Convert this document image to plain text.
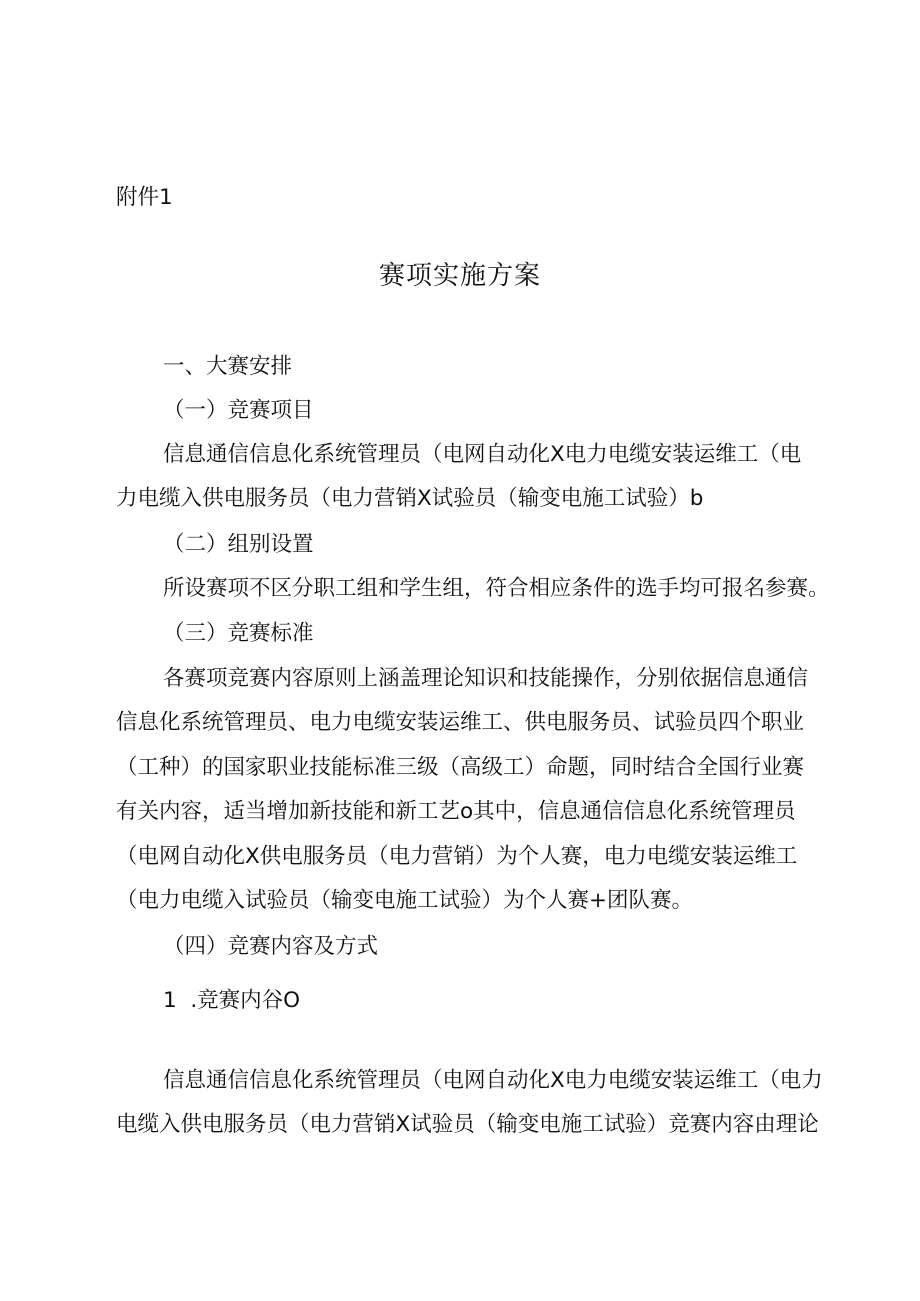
附件1
赛项实施方案
一、大赛安排
（一）竞赛项目
信息通信信息化系统管理员（电网自动化X电力电缆安装运维工（电
力电缆入供电服务员（电力营销X试验员（输变电施工试验）b
（二）组别设置
所设赛项不区分职工组和学生组，符合相应条件的选手均可报名参赛。
（三）竞赛标准
各赛项竞赛内容原则上涵盖理论知识和技能操作，分别依据信息通信
信息化系统管理员、电力电缆安装运维工、供电服务员、试验员四个职业
（工种）的国家职业技能标准三级（高级工）命题，同时结合全国行业赛
有关内容，适当增加新技能和新工艺o其中，信息通信信息化系统管理员
（电网自动化X供电服务员（电力营销）为个人赛，电力电缆安装运维工
（电力电缆入试验员（输变电施工试验）为个人赛+团队赛。
（四）竞赛内容及方式
1  .竞赛内谷O
信息通信信息化系统管理员（电网自动化X电力电缆安装运维工（电力
电缆入供电服务员（电力营销X试验员（输变电施工试验）竞赛内容由理论
